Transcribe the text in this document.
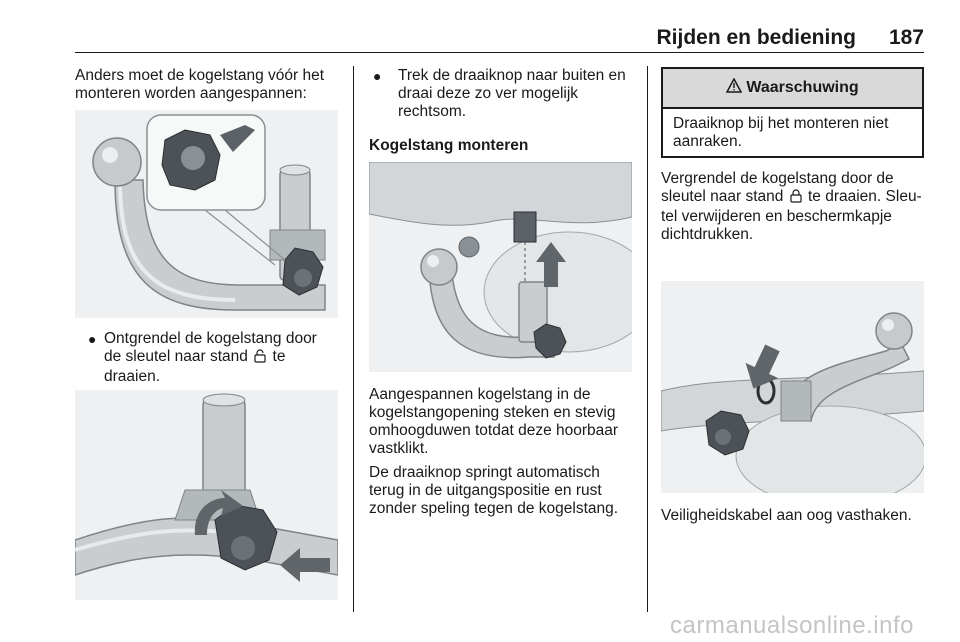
Rijden en bediening 187
Anders moet de kogelstang vóór het
monteren worden aangespannen:
● Ontgrendel de kogelstang door
de sleutel naar stand te
draaien.
● Trek de draaiknop naar buiten en
draai deze zo ver mogelijk
rechtsom.
Kogelstang monteren
Aangespannen kogelstang in de
kogelstangopening steken en stevig
omhoogduwen totdat deze hoorbaar
vastklikt.
De draaiknop springt automatisch
terug in de uitgangspositie en rust
zonder speling tegen de kogelstang.
Waarschuwing
Draaiknop bij het monteren niet
aanraken.
Vergrendel de kogelstang door de
sleutel naar stand te draaien. Sleu-
tel verwijderen en beschermkapje
dichtdrukken.
Veiligheidskabel aan oog vasthaken.
carmanualsonline.info
